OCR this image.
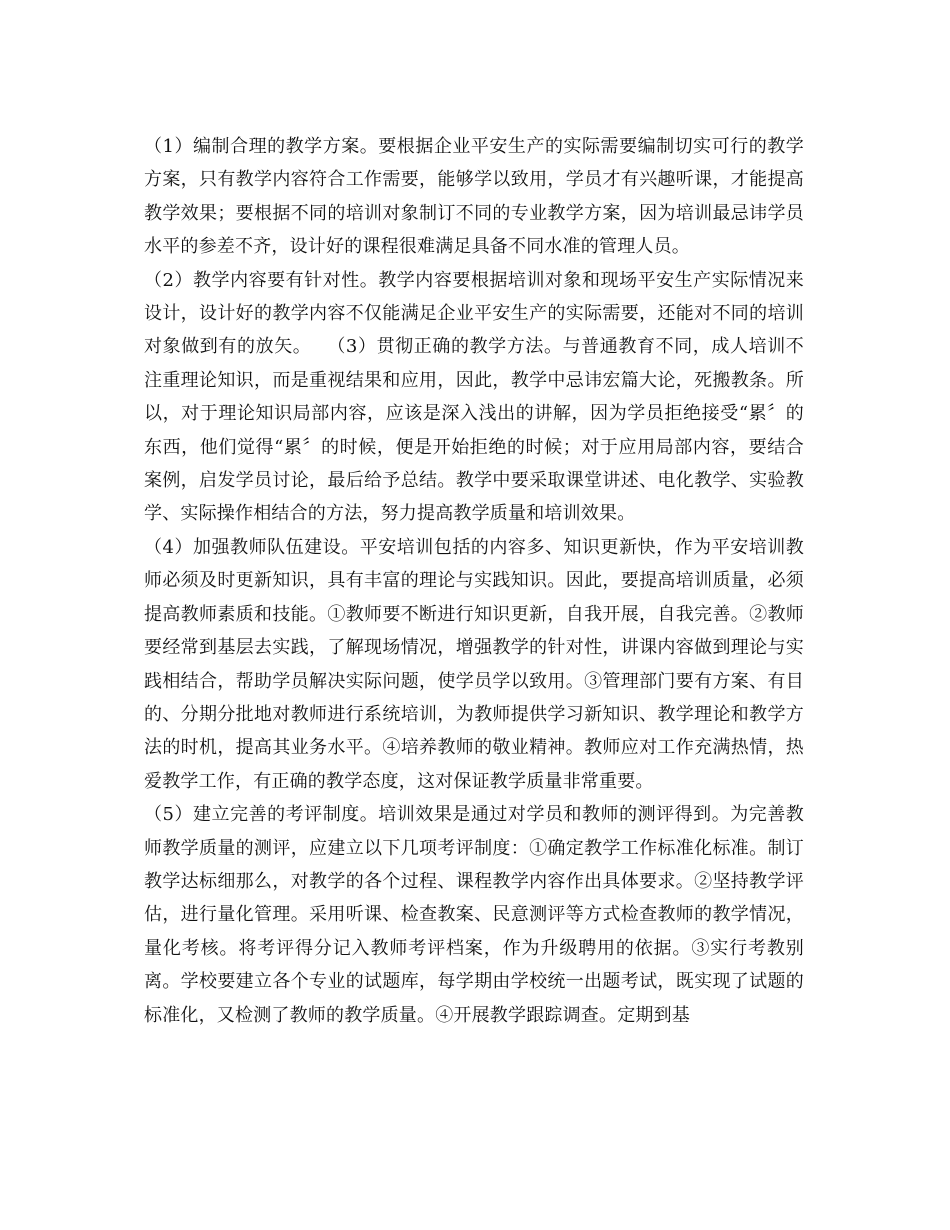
（1）编制合理的教学方案。要根据企业平安生产的实际需要编制切实可行的教学方案，只有教学内容符合工作需要，能够学以致用，学员才有兴趣听课，才能提高教学效果；要根据不同的培训对象制订不同的专业教学方案，因为培训最忌讳学员水平的参差不齐，设计好的课程很难满足具备不同水准的管理人员。

（2）教学内容要有针对性。教学内容要根据培训对象和现场平安生产实际情况来设计，设计好的教学内容不仅能满足企业平安生产的实际需要，还能对不同的培训对象做到有的放矢。　 （3）贯彻正确的教学方法。与普通教育不同，成人培训不注重理论知识，而是重视结果和应用，因此，教学中忌讳宏篇大论，死搬教条。所以，对于理论知识局部内容，应该是深入浅出的讲解，因为学员拒绝接受“累〞的东西，他们觉得“累〞的时候，便是开始拒绝的时候；对于应用局部内容，要结合案例，启发学员讨论，最后给予总结。教学中要采取课堂讲述、电化教学、实验教学、实际操作相结合的方法，努力提高教学质量和培训效果。

（4）加强教师队伍建设。平安培训包括的内容多、知识更新快，作为平安培训教师必须及时更新知识，具有丰富的理论与实践知识。因此，要提高培训质量，必须提高教师素质和技能。①教师要不断进行知识更新，自我开展，自我完善。②教师要经常到基层去实践，了解现场情况，增强教学的针对性，讲课内容做到理论与实践相结合，帮助学员解决实际问题，使学员学以致用。③管理部门要有方案、有目的、分期分批地对教师进行系统培训，为教师提供学习新知识、教学理论和教学方法的时机，提高其业务水平。④培养教师的敬业精神。教师应对工作充满热情，热爱教学工作，有正确的教学态度，这对保证教学质量非常重要。

（5）建立完善的考评制度。培训效果是通过对学员和教师的测评得到。为完善教师教学质量的测评，应建立以下几项考评制度：①确定教学工作标准化标准。制订教学达标细那么，对教学的各个过程、课程教学内容作出具体要求。②坚持教学评估，进行量化管理。采用听课、检查教案、民意测评等方式检查教师的教学情况，量化考核。将考评得分记入教师考评档案，作为升级聘用的依据。③实行考教别离。学校要建立各个专业的试题库，每学期由学校统一出题考试，既实现了试题的标准化，又检测了教师的教学质量。④开展教学跟踪调查。定期到基
